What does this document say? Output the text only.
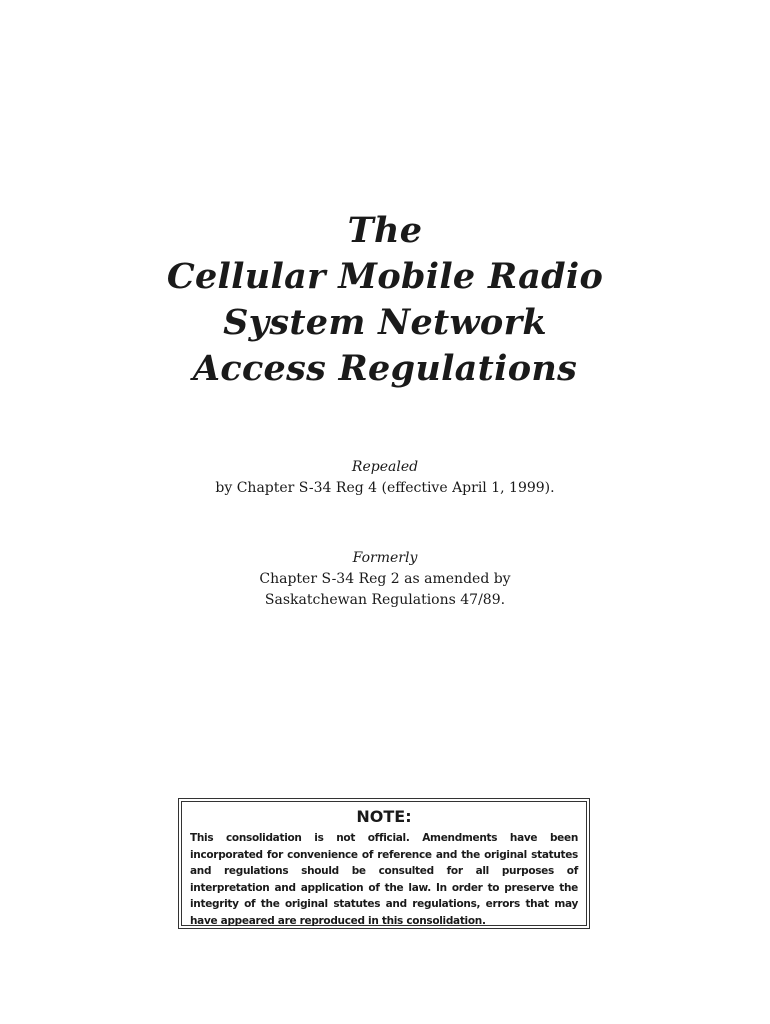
The
Cellular Mobile Radio
System Network
Access Regulations
Repealed
by Chapter S-34 Reg 4 (effective April 1, 1999).
Formerly
Chapter S-34 Reg 2 as amended by
Saskatchewan Regulations 47/89.
NOTE:
This consolidation is not official. Amendments have been incorporated for convenience of reference and the original statutes and regulations should be consulted for all purposes of interpretation and application of the law. In order to preserve the integrity of the original statutes and regulations, errors that may have appeared are reproduced in this consolidation.
